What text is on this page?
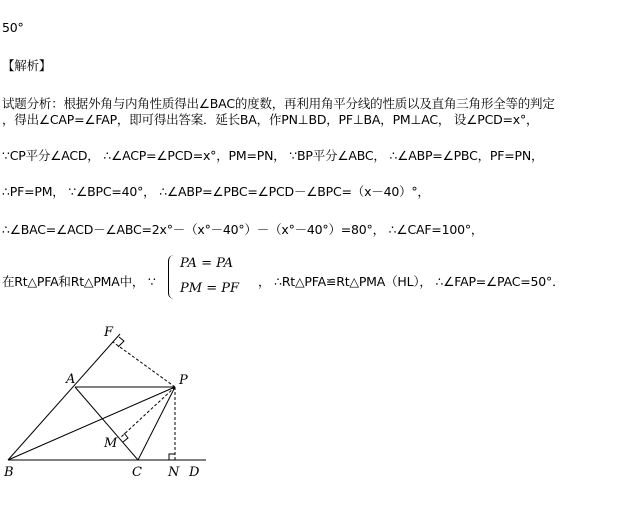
50°
【解析】
试题分析：根据外角与内角性质得出∠BAC的度数，再利用角平分线的性质以及直角三角形全等的判定
，得出∠CAP=∠FAP，即可得出答案．延长BA，作PN⊥BD，PF⊥BA，PM⊥AC， 设∠PCD=x°，
∵CP平分∠ACD， ∴∠ACP=∠PCD=x°，PM=PN， ∵BP平分∠ABC， ∴∠ABP=∠PBC，PF=PN，
∴PF=PM， ∵∠BPC=40°， ∴∠ABP=∠PBC=∠PCD－∠BPC=（x－40）°，
∴∠BAC=∠ACD－∠ABC=2x°－（x°－40°）－（x°－40°）=80°， ∴∠CAF=100°，
在Rt△PFA和Rt△PMA中， ∵
PA = PA
PM = PF ， ∴Rt△PFA≌Rt△PMA（HL）， ∴∠FAP=∠PAC=50°．
F
A	P
M
B	C N D
